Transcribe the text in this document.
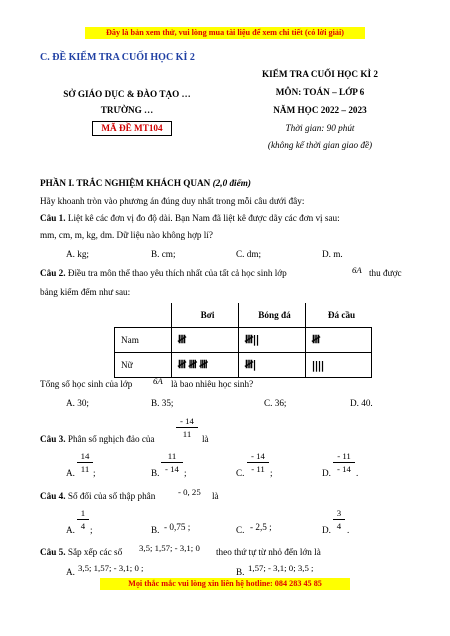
Đây là bản xem thử, vui lòng mua tài liệu để xem chi tiết (có lời giải)
C. ĐỀ KIỂM TRA CUỐI HỌC KÌ 2
SỞ GIÁO DỤC & ĐÀO TẠO …
TRƯỜNG …
MÃ ĐỀ MT104
KIỂM TRA CUỐI HỌC KÌ 2
MÔN: TOÁN – LỚP 6
NĂM HỌC 2022 – 2023
Thời gian: 90 phút
(không kể thời gian giao đề)
PHẦN I. TRẮC NGHIỆM KHÁCH QUAN (2,0 điểm)
Hãy khoanh tròn vào phương án đúng duy nhất trong mỗi câu dưới đây:
Câu 1. Liệt kê các đơn vị đo độ dài. Bạn Nam đã liệt kê được dãy các đơn vị sau:
mm, cm, m, kg, dm. Dữ liệu nào không hợp lí?
A. kg;	B. cm;	C. dm;	D. m.
Câu 2. Điều tra môn thể thao yêu thích nhất của tất cả học sinh lớp	6A thu được
bảng kiểm đếm như sau:
	Bơi	Bóng đá	Đá cầu
Nam	𝍸	𝍸||	𝍸
Nữ	𝍸 𝍸 𝍸	𝍸|	||||
Tổng số học sinh của lớp 6A là bao nhiêu học sinh?
A. 30;	B. 35;	C. 36;	D. 40.
Câu 3. Phân số nghịch đảo của
- 14
11	là
A.
14
11 ;	B.
11
- 14 ;	C.
- 14
- 11 ;	D.
- 11
- 14 .
Câu 4. Số đối của số thập phân	- 0, 25 là
A.
1
4 ;	B. - 0,75 ;	C. - 2,5 ;	D.
3
4 .
Câu 5. Sắp xếp các số 3,5; 1,57; - 3,1; 0 theo thứ tự từ nhỏ đến lớn là
A. 3,5; 1,57; - 3,1; 0 ;	B. 1,57; - 3,1; 0; 3,5 ;
Mọi thắc mắc vui lòng xin liên hệ hotline: 084 283 45 85
